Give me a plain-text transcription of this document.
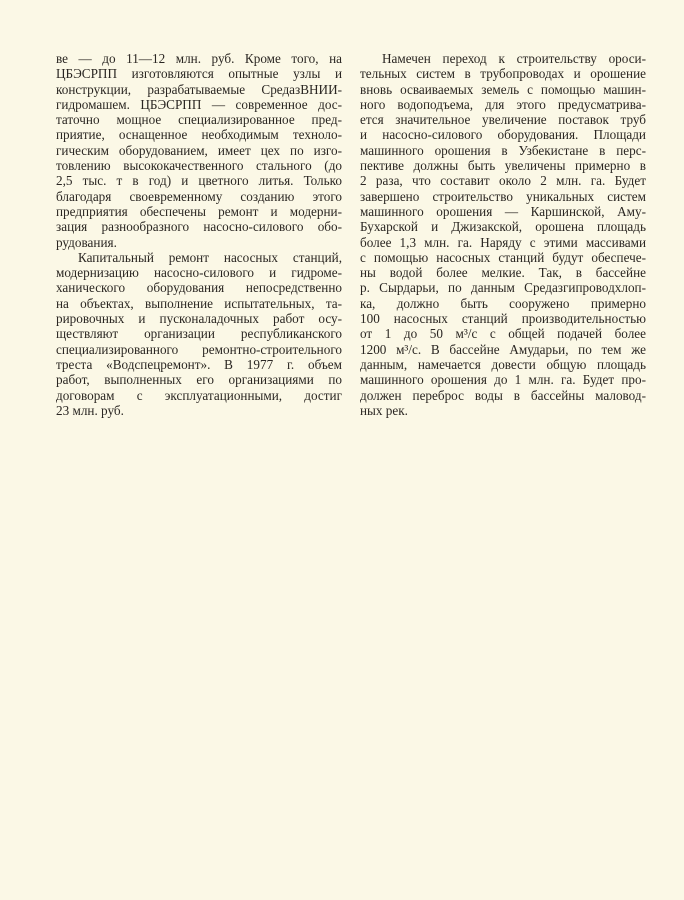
ве — до 11—12 млн. руб. Кроме того, на
ЦБЭСРПП изготовляются опытные узлы и
конструкции, разрабатываемые СредазВНИИ-
гидромашем. ЦБЭСРПП — современное дос-
таточно мощное специализированное пред-
приятие, оснащенное необходимым техноло-
гическим оборудованием, имеет цех по изго-
товлению высококачественного стального (до
2,5 тыс. т в год) и цветного литья. Только
благодаря своевременному созданию этого
предприятия обеспечены ремонт и модерни-
зация разнообразного насосно-силового обо-
рудования.
Капитальный ремонт насосных станций,
модернизацию насосно-силового и гидроме-
ханического оборудования непосредственно
на объектах, выполнение испытательных, та-
рировочных и пусконаладочных работ осу-
ществляют организации республиканского
специализированного ремонтно-строительного
треста «Водспецремонт». В 1977 г. объем
работ, выполненных его организациями по
договорам с эксплуатационными, достиг
23 млн. руб.
Намечен переход к строительству ороси-
тельных систем в трубопроводах и орошение
вновь осваиваемых земель с помощью машин-
ного водоподъема, для этого предусматрива-
ется значительное увеличение поставок труб
и насосно-силового оборудования. Площади
машинного орошения в Узбекистане в перс-
пективе должны быть увеличены примерно в
2 раза, что составит около 2 млн. га. Будет
завершено строительство уникальных систем
машинного орошения — Каршинской, Аму-
Бухарской и Джизакской, орошена площадь
более 1,3 млн. га. Наряду с этими массивами
с помощью насосных станций будут обеспече-
ны водой более мелкие. Так, в бассейне
р. Сырдарьи, по данным Средазгипроводхлоп-
ка, должно быть сооружено примерно
100 насосных станций производительностью
от 1 до 50 м³/с с общей подачей более
1200 м³/с. В бассейне Амударьи, по тем же
данным, намечается довести общую площадь
машинного орошения до 1 млн. га. Будет про-
должен переброс воды в бассейны маловод-
ных рек.
